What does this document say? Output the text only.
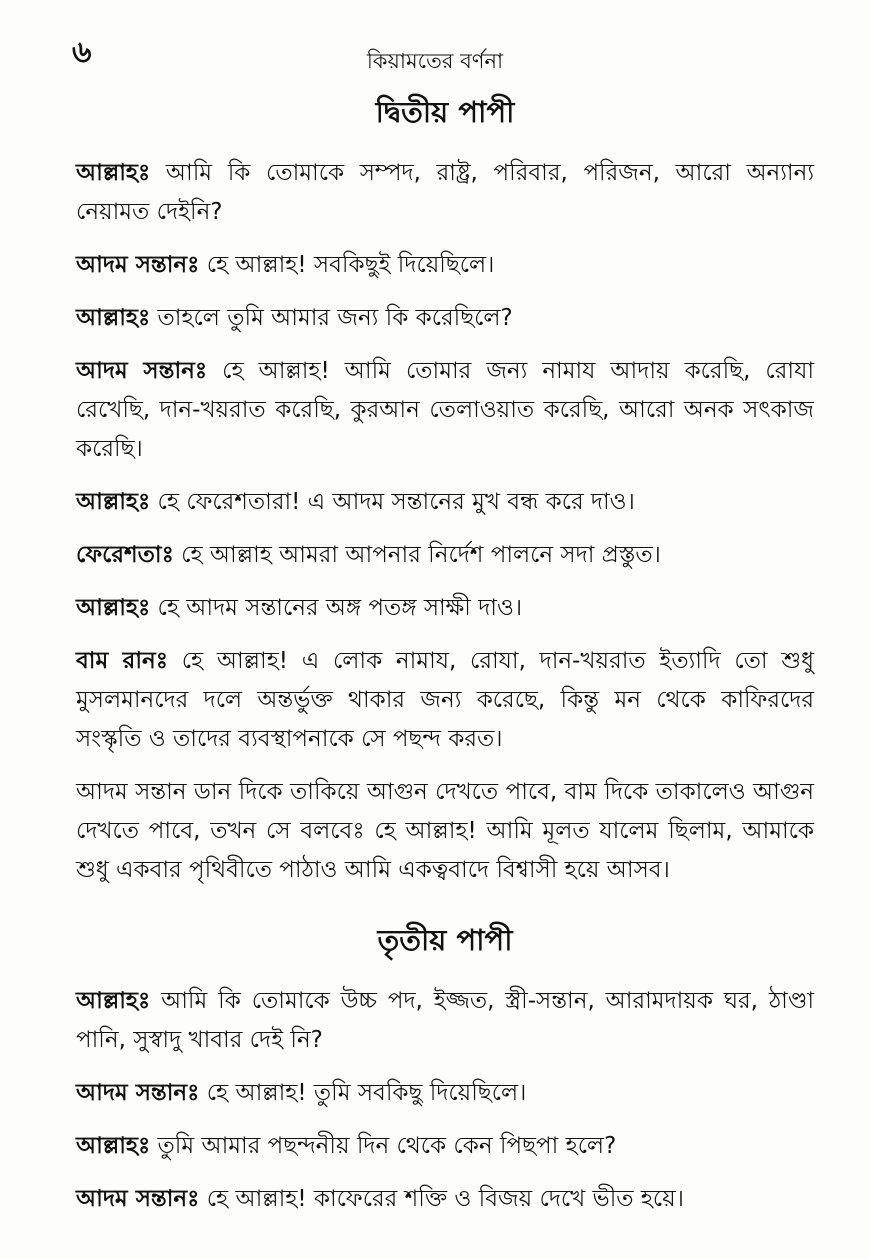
৬	কিয়ামতের বর্ণনা
দ্বিতীয় পাপী

আল্লাহঃ আমি কি তোমাকে সম্পদ, রাষ্ট্র, পরিবার, পরিজন, আরো অন্যান্য নেয়ামত দেইনি?

আদম সন্তানঃ হে আল্লাহ! সবকিছুই দিয়েছিলে।

আল্লাহঃ তাহলে তুমি আমার জন্য কি করেছিলে?

আদম সন্তানঃ হে আল্লাহ! আমি তোমার জন্য নামায আদায় করেছি, রোযা রেখেছি, দান-খয়রাত করেছি, কুরআন তেলাওয়াত করেছি, আরো অনক সৎকাজ করেছি।

আল্লাহঃ হে ফেরেশতারা! এ আদম সন্তানের মুখ বন্ধ করে দাও।

ফেরেশতাঃ হে আল্লাহ আমরা আপনার নির্দেশ পালনে সদা প্রস্তুত।

আল্লাহঃ হে আদম সন্তানের অঙ্গ পতঙ্গ সাক্ষী দাও।

বাম রানঃ হে আল্লাহ! এ লোক নামায, রোযা, দান-খয়রাত ইত্যাদি তো শুধু মুসলমানদের দলে অন্তর্ভুক্ত থাকার জন্য করেছে, কিন্তু মন থেকে কাফিরদের সংস্কৃতি ও তাদের ব্যবস্থাপনাকে সে পছন্দ করত।

আদম সন্তান ডান দিকে তাকিয়ে আগুন দেখতে পাবে, বাম দিকে তাকালেও আগুন দেখতে পাবে, তখন সে বলবেঃ হে আল্লাহ! আমি মূলত যালেম ছিলাম, আমাকে শুধু একবার পৃথিবীতে পাঠাও আমি একত্ববাদে বিশ্বাসী হয়ে আসব।

তৃতীয় পাপী

আল্লাহঃ আমি কি তোমাকে উচ্চ পদ, ইজ্জত, স্ত্রী-সন্তান, আরামদায়ক ঘর, ঠাণ্ডা পানি, সুস্বাদু খাবার দেই নি?

আদম সন্তানঃ হে আল্লাহ! তুমি সবকিছু দিয়েছিলে।

আল্লাহঃ তুমি আমার পছন্দনীয় দিন থেকে কেন পিছপা হলে?

আদম সন্তানঃ হে আল্লাহ! কাফেরের শক্তি ও বিজয় দেখে ভীত হয়ে।
